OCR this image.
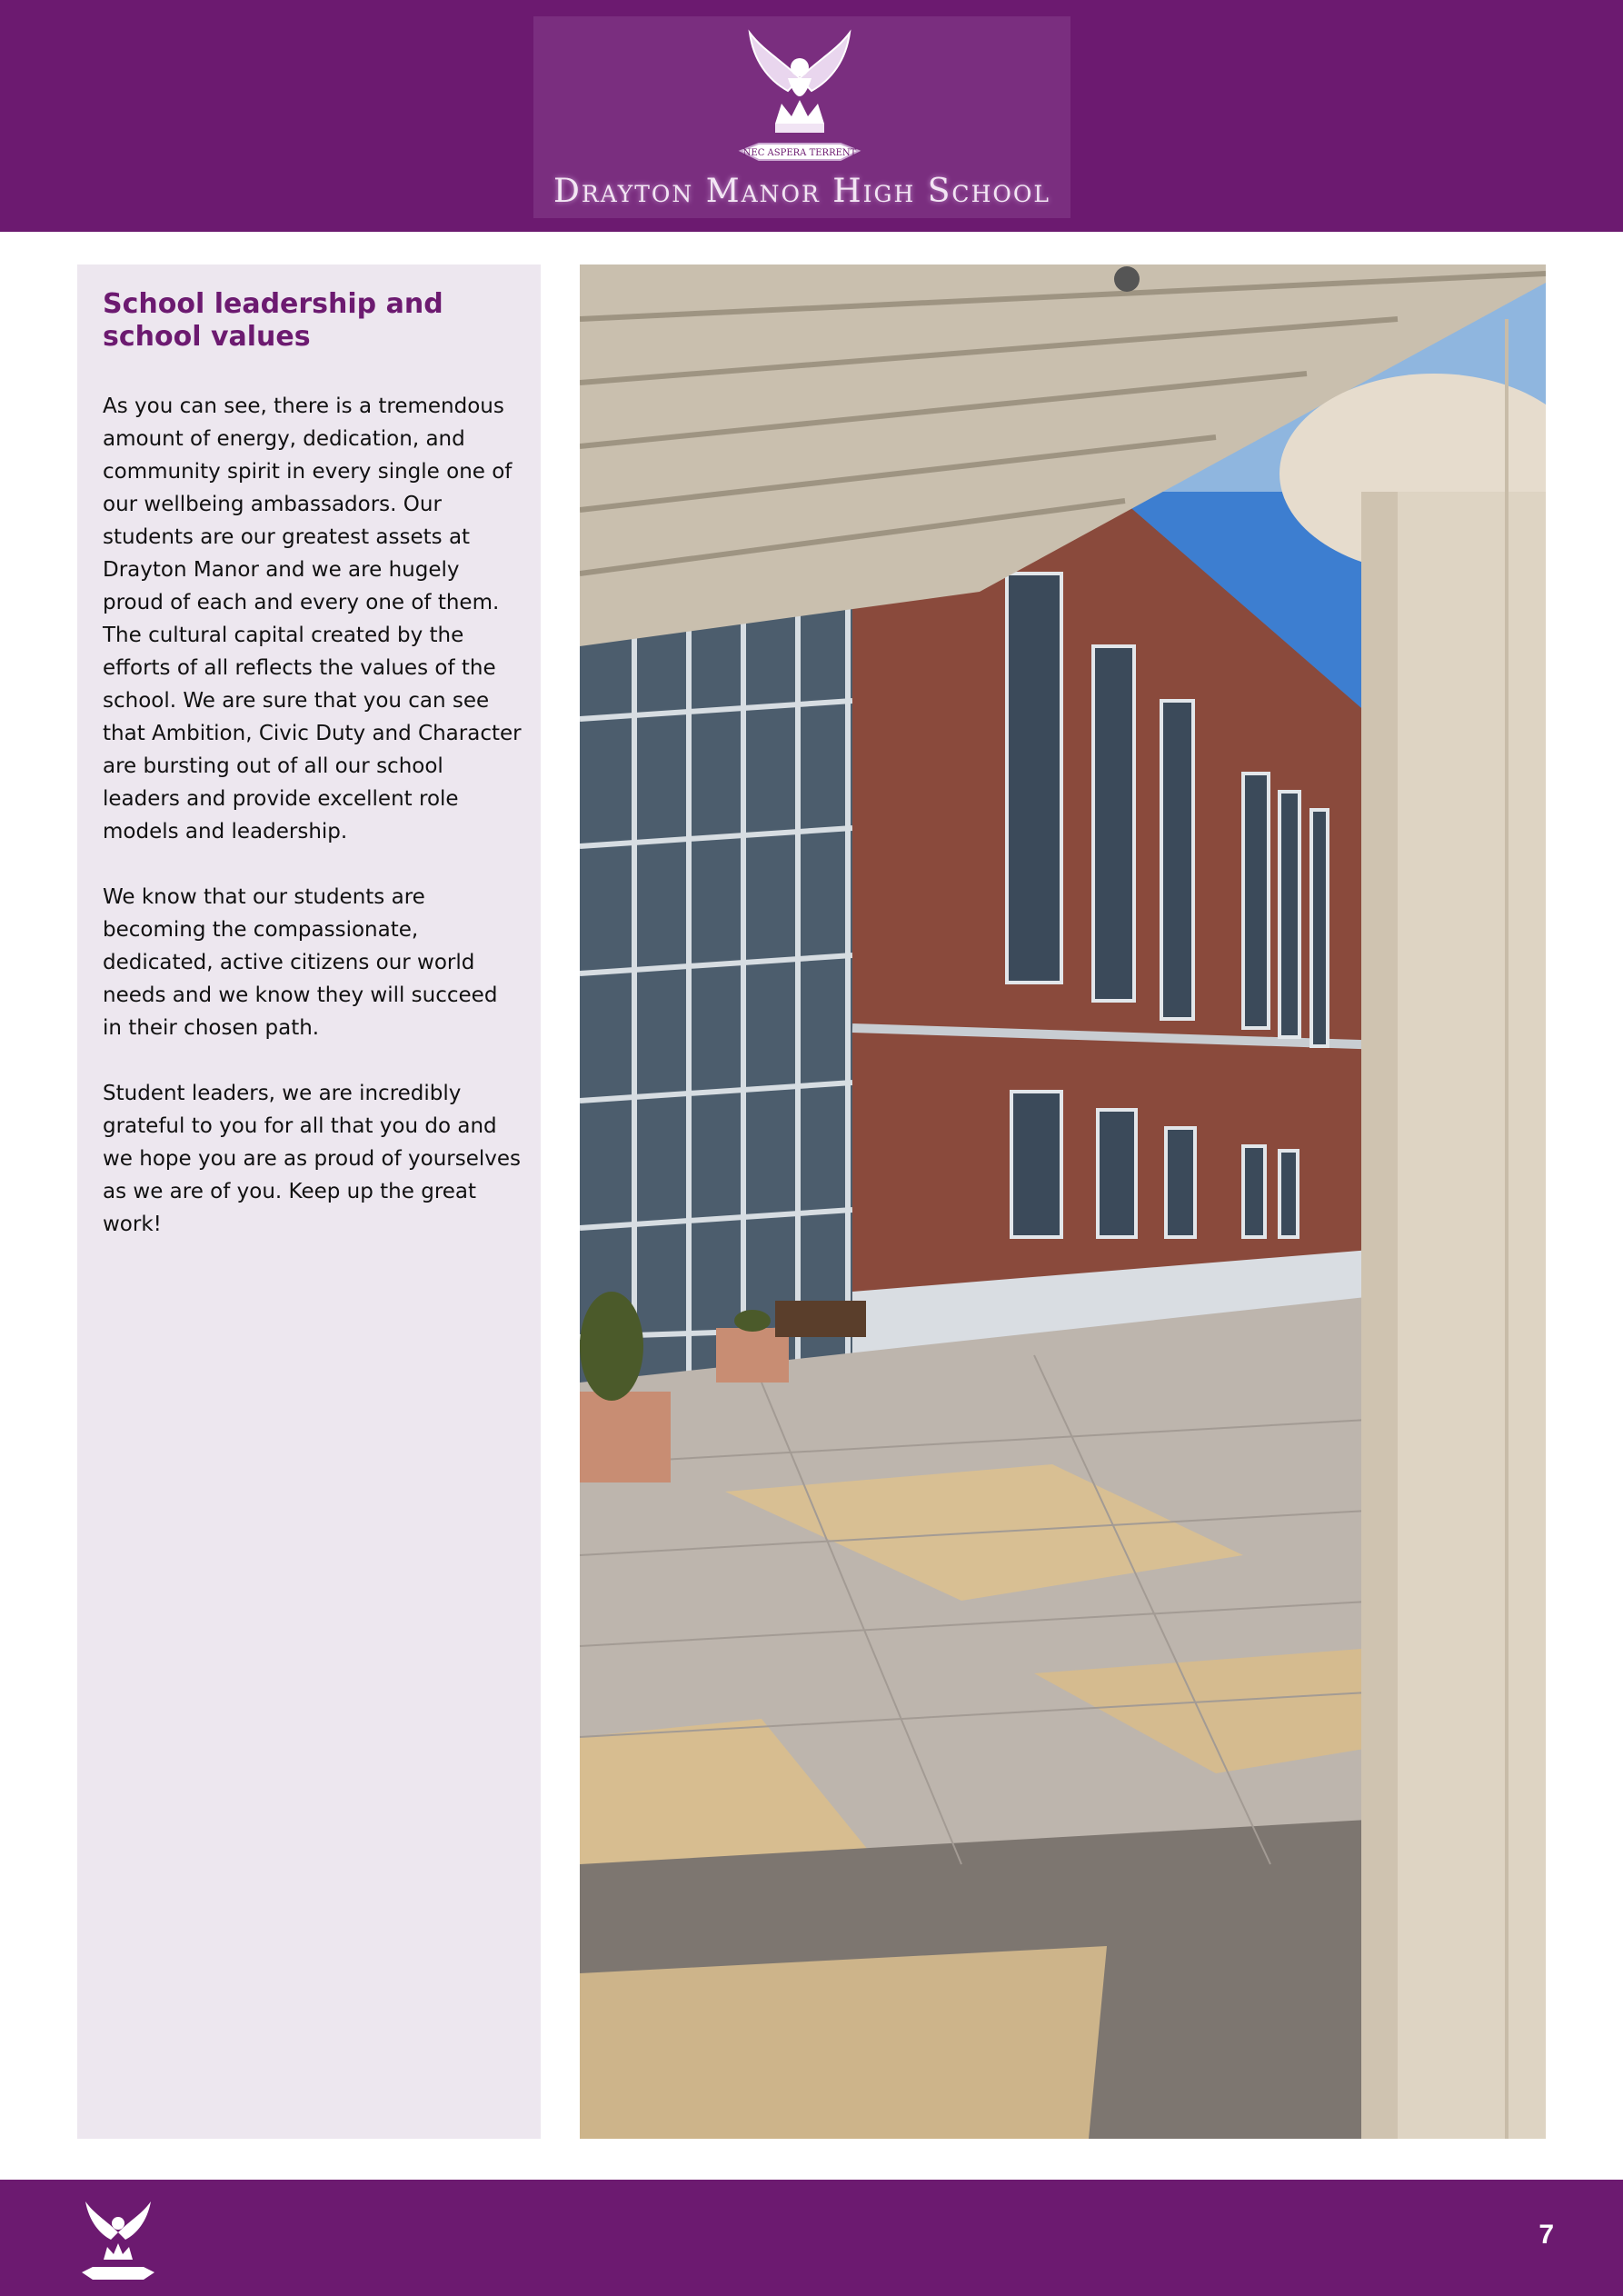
NEC ASPERA TERRENT
Drayton Manor High School
School leadership and school values

As you can see, there is a tremendous amount of energy, dedication, and community spirit in every single one of our wellbeing ambassadors. Our students are our greatest assets at Drayton Manor and we are hugely proud of each and every one of them. The cultural capital created by the efforts of all reflects the values of the school. We are sure that you can see that Ambition, Civic Duty and Character are bursting out of all our school leaders and provide excellent role models and leadership.

We know that our students are becoming the compassionate, dedicated, active citizens our world needs and we know they will succeed in their chosen path.

Student leaders, we are incredibly grateful to you for all that you do and we hope you are as proud of yourselves as we are of you. Keep up the great work!

7
